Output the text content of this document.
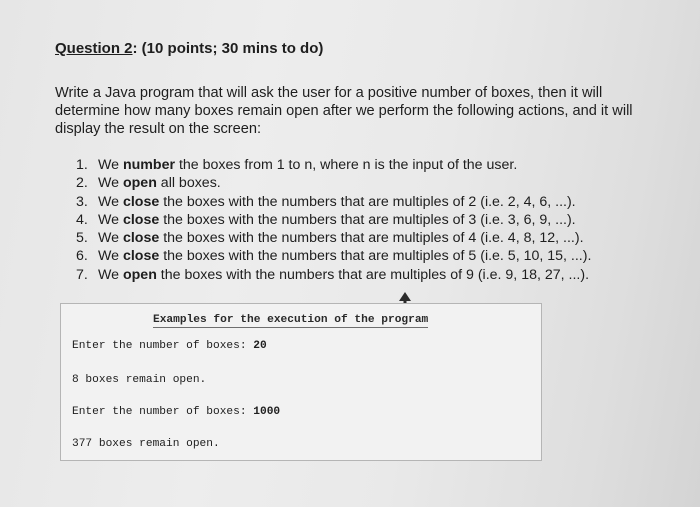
Question 2: (10 points; 30 mins to do)
Write a Java program that will ask the user for a positive number of boxes, then it will determine how many boxes remain open after we perform the following actions, and it will display the result on the screen:
1. We number the boxes from 1 to n, where n is the input of the user.
2. We open all boxes.
3. We close the boxes with the numbers that are multiples of 2 (i.e. 2, 4, 6, ...).
4. We close the boxes with the numbers that are multiples of 3 (i.e. 3, 6, 9, ...).
5. We close the boxes with the numbers that are multiples of 4 (i.e. 4, 8, 12, ...).
6. We close the boxes with the numbers that are multiples of 5 (i.e. 5, 10, 15, ...).
7. We open the boxes with the numbers that are multiples of 9 (i.e. 9, 18, 27, ...).
Examples for the execution of the program
Enter the number of boxes: 20
8 boxes remain open.
Enter the number of boxes: 1000
377 boxes remain open.
